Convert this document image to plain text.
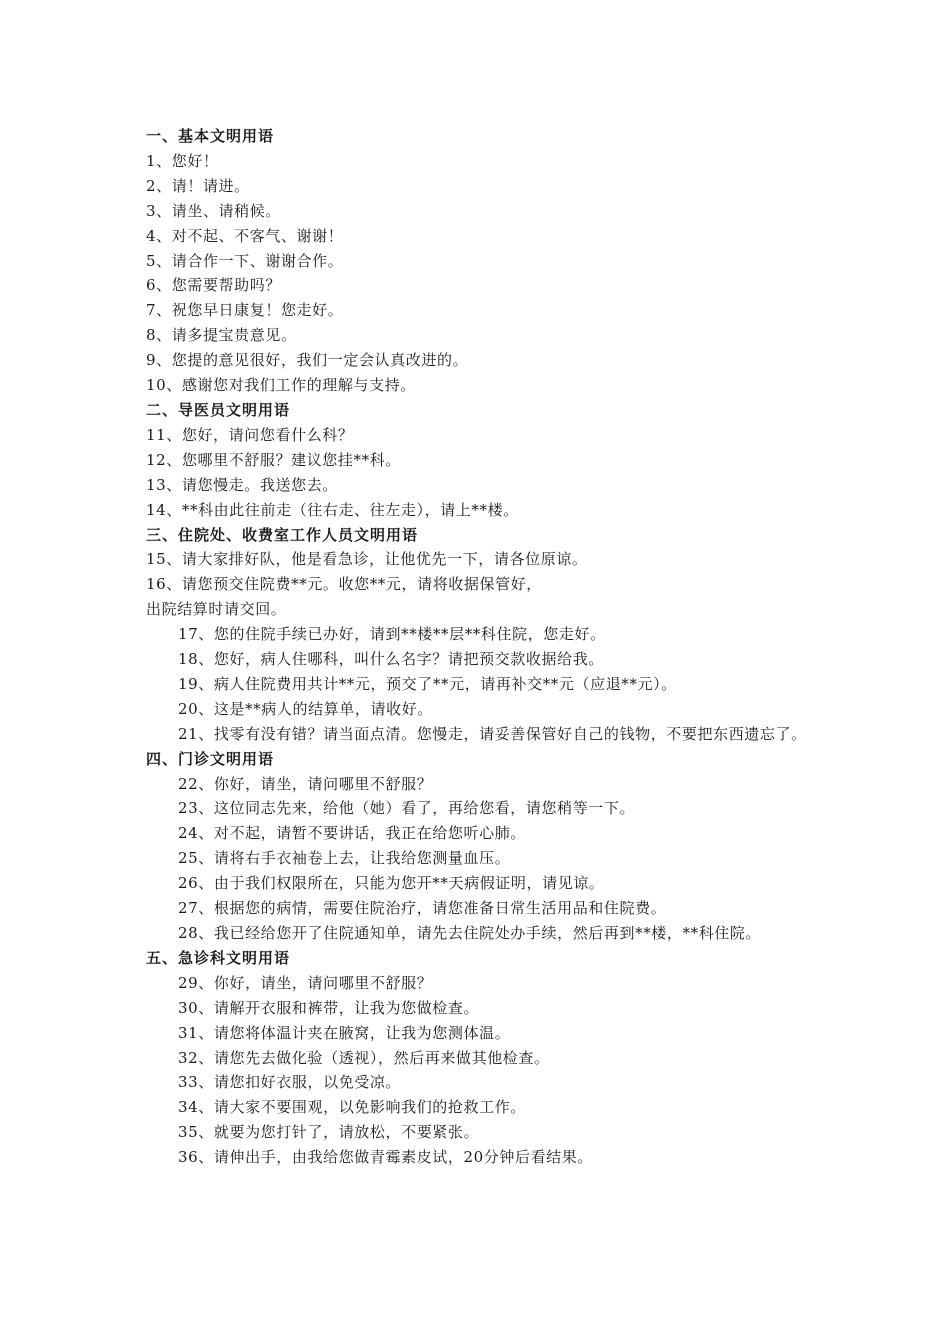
一、基本文明用语
1、您好！
2、请！请进。
3、请坐、请稍候。
4、对不起、不客气、谢谢！
5、请合作一下、谢谢合作。
6、您需要帮助吗？
7、祝您早日康复！您走好。
8、请多提宝贵意见。
9、您提的意见很好，我们一定会认真改进的。
10、感谢您对我们工作的理解与支持。
二、导医员文明用语
11、您好，请问您看什么科？
12、您哪里不舒服？建议您挂**科。
13、请您慢走。我送您去。
14、**科由此往前走（往右走、往左走），请上**楼。
三、住院处、收费室工作人员文明用语
15、请大家排好队，他是看急诊，让他优先一下，请各位原谅。
16、请您预交住院费**元。收您**元，请将收据保管好，
出院结算时请交回。
17、您的住院手续已办好，请到**楼**层**科住院，您走好。
18、您好，病人住哪科，叫什么名字？请把预交款收据给我。
19、病人住院费用共计**元，预交了**元，请再补交**元（应退**元）。
20、这是**病人的结算单，请收好。
21、找零有没有错？请当面点清。您慢走，请妥善保管好自己的钱物，不要把东西遗忘了。
四、门诊文明用语
22、你好，请坐，请问哪里不舒服？
23、这位同志先来，给他（她）看了，再给您看，请您稍等一下。
24、对不起，请暂不要讲话，我正在给您听心肺。
25、请将右手衣袖卷上去，让我给您测量血压。
26、由于我们权限所在，只能为您开**天病假证明，请见谅。
27、根据您的病情，需要住院治疗，请您准备日常生活用品和住院费。
28、我已经给您开了住院通知单，请先去住院处办手续，然后再到**楼，**科住院。
五、急诊科文明用语
29、你好，请坐，请问哪里不舒服？
30、请解开衣服和裤带，让我为您做检查。
31、请您将体温计夹在腋窝，让我为您测体温。
32、请您先去做化验（透视），然后再来做其他检查。
33、请您扣好衣服，以免受凉。
34、请大家不要围观，以免影响我们的抢救工作。
35、就要为您打针了，请放松，不要紧张。
36、请伸出手，由我给您做青霉素皮试，20分钟后看结果。
